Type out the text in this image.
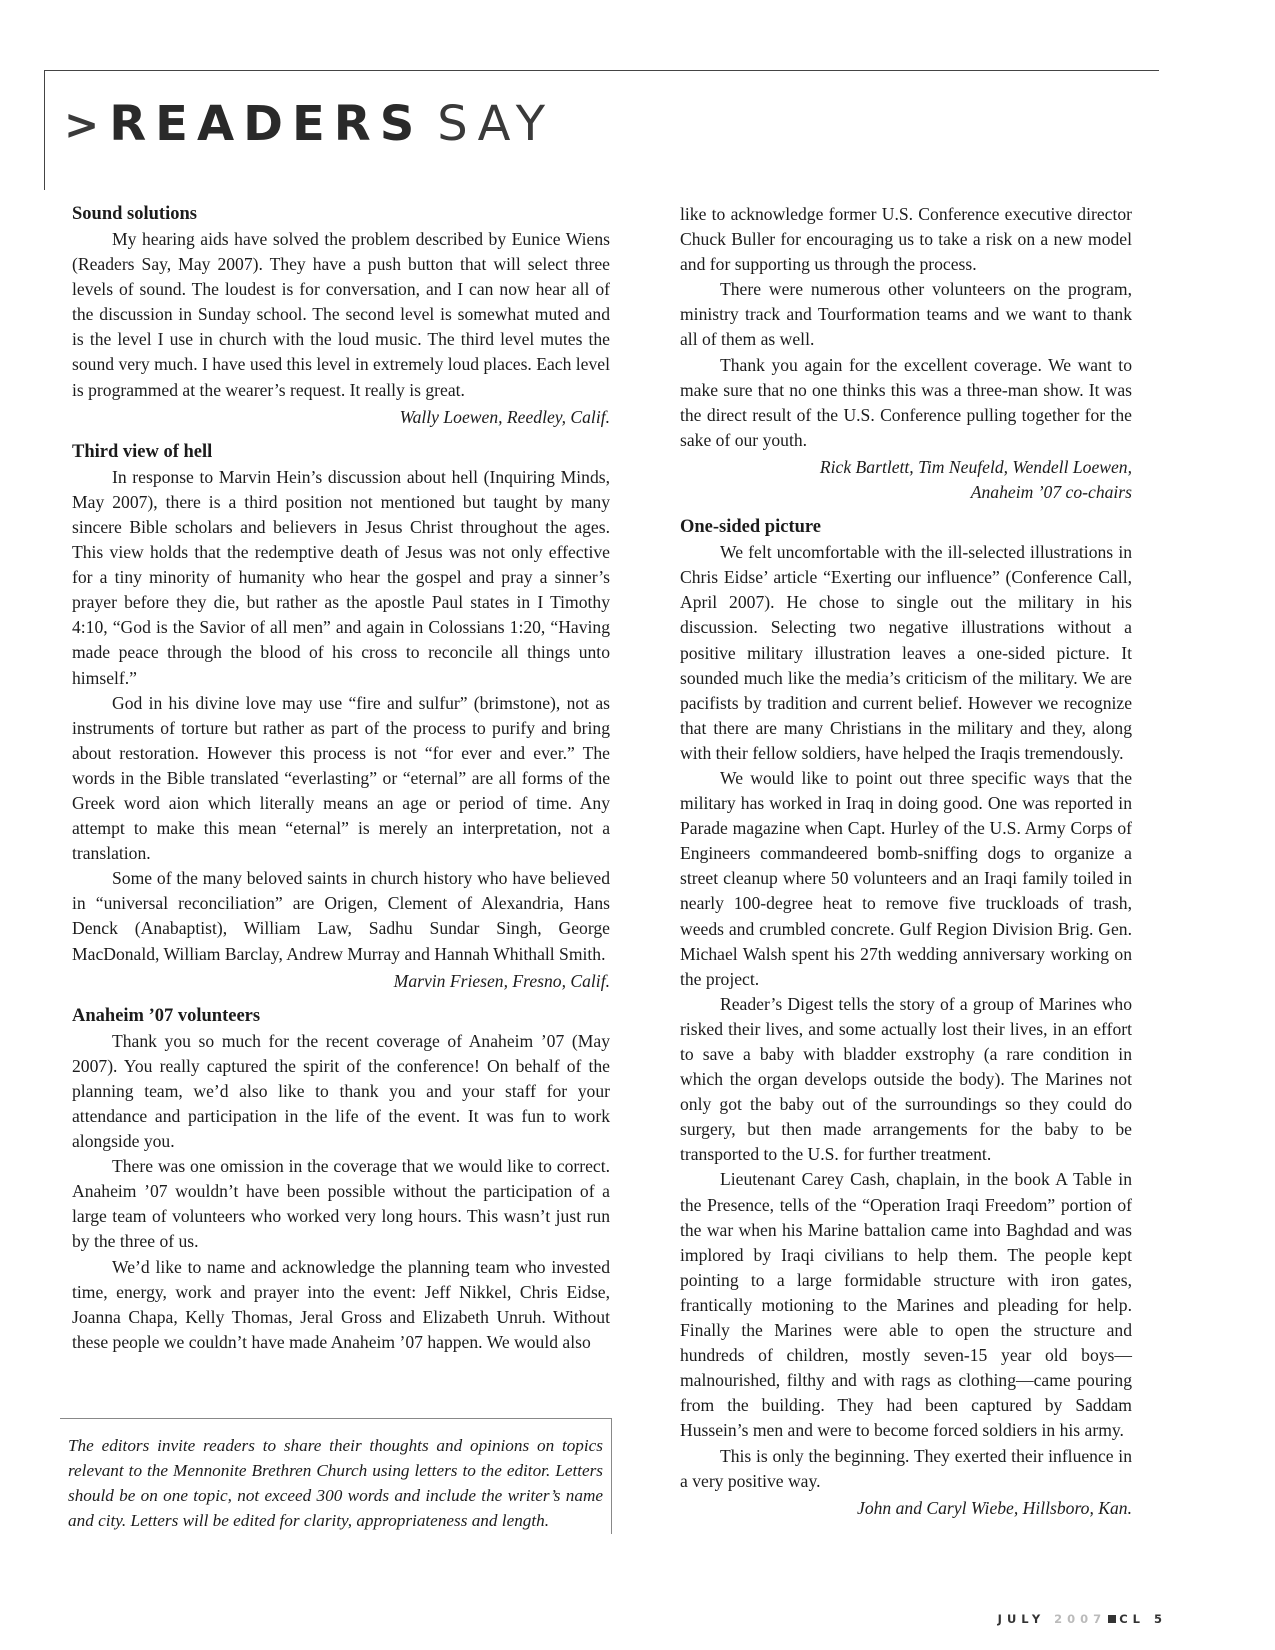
> READERS SAY
Sound solutions

My hearing aids have solved the problem described by Eunice Wiens (Readers Say, May 2007). They have a push button that will select three levels of sound. The loudest is for conversation, and I can now hear all of the discussion in Sunday school. The second level is somewhat muted and is the level I use in church with the loud music. The third level mutes the sound very much. I have used this level in extremely loud places. Each level is programmed at the wearer’s request. It really is great.

Wally Loewen, Reedley, Calif.
Third view of hell

In response to Marvin Hein’s discussion about hell (Inquiring Minds, May 2007), there is a third position not mentioned but taught by many sincere Bible scholars and believers in Jesus Christ throughout the ages. This view holds that the redemptive death of Jesus was not only effective for a tiny minority of humanity who hear the gospel and pray a sinner’s prayer before they die, but rather as the apostle Paul states in I Timothy 4:10, “God is the Savior of all men” and again in Colossians 1:20, “Having made peace through the blood of his cross to reconcile all things unto himself.”

God in his divine love may use “fire and sulfur” (brimstone), not as instruments of torture but rather as part of the process to purify and bring about restoration. However this process is not “for ever and ever.” The words in the Bible translated “everlasting” or “eternal” are all forms of the Greek word aion which literally means an age or period of time. Any attempt to make this mean “eternal” is merely an interpretation, not a translation.

Some of the many beloved saints in church history who have believed in “universal reconciliation” are Origen, Clement of Alexandria, Hans Denck (Anabaptist), William Law, Sadhu Sundar Singh, George MacDonald, William Barclay, Andrew Murray and Hannah Whithall Smith.

Marvin Friesen, Fresno, Calif.
Anaheim ’07 volunteers

Thank you so much for the recent coverage of Anaheim ’07 (May 2007). You really captured the spirit of the conference! On behalf of the planning team, we’d also like to thank you and your staff for your attendance and participation in the life of the event. It was fun to work alongside you.

There was one omission in the coverage that we would like to correct. Anaheim ’07 wouldn’t have been possible without the participation of a large team of volunteers who worked very long hours. This wasn’t just run by the three of us.

We’d like to name and acknowledge the planning team who invested time, energy, work and prayer into the event: Jeff Nikkel, Chris Eidse, Joanna Chapa, Kelly Thomas, Jeral Gross and Elizabeth Unruh. Without these people we couldn’t have made Anaheim ’07 happen. We would also

The editors invite readers to share their thoughts and opinions on topics relevant to the Mennonite Brethren Church using letters to the editor. Letters should be on one topic, not exceed 300 words and include the writer’s name and city. Letters will be edited for clarity, appropriateness and length.

like to acknowledge former U.S. Conference executive director Chuck Buller for encouraging us to take a risk on a new model and for supporting us through the process.

There were numerous other volunteers on the program, ministry track and Tourformation teams and we want to thank all of them as well.

Thank you again for the excellent coverage. We want to make sure that no one thinks this was a three-man show. It was the direct result of the U.S. Conference pulling together for the sake of our youth.

Rick Bartlett, Tim Neufeld, Wendell Loewen,
Anaheim ’07 co-chairs
One-sided picture

We felt uncomfortable with the ill-selected illustrations in Chris Eidse’ article “Exerting our influence” (Conference Call, April 2007). He chose to single out the military in his discussion. Selecting two negative illustrations without a positive military illustration leaves a one-sided picture. It sounded much like the media’s criticism of the military. We are pacifists by tradition and current belief. However we recognize that there are many Christians in the military and they, along with their fellow soldiers, have helped the Iraqis tremendously.

We would like to point out three specific ways that the military has worked in Iraq in doing good. One was reported in Parade magazine when Capt. Hurley of the U.S. Army Corps of Engineers commandeered bomb-sniffing dogs to organize a street cleanup where 50 volunteers and an Iraqi family toiled in nearly 100-degree heat to remove five truckloads of trash, weeds and crumbled concrete. Gulf Region Division Brig. Gen. Michael Walsh spent his 27th wedding anniversary working on the project.

Reader’s Digest tells the story of a group of Marines who risked their lives, and some actually lost their lives, in an effort to save a baby with bladder exstrophy (a rare condition in which the organ develops outside the body). The Marines not only got the baby out of the surroundings so they could do surgery, but then made arrangements for the baby to be transported to the U.S. for further treatment.

Lieutenant Carey Cash, chaplain, in the book A Table in the Presence, tells of the “Operation Iraqi Freedom” portion of the war when his Marine battalion came into Baghdad and was implored by Iraqi civilians to help them. The people kept pointing to a large formidable structure with iron gates, frantically motioning to the Marines and pleading for help. Finally the Marines were able to open the structure and hundreds of children, mostly seven-15 year old boys—malnourished, filthy and with rags as clothing—came pouring from the building. They had been captured by Saddam Hussein’s men and were to become forced soldiers in his army.

This is only the beginning. They exerted their influence in a very positive way.

John and Caryl Wiebe, Hillsboro, Kan.
JULY 2007 CL 5
